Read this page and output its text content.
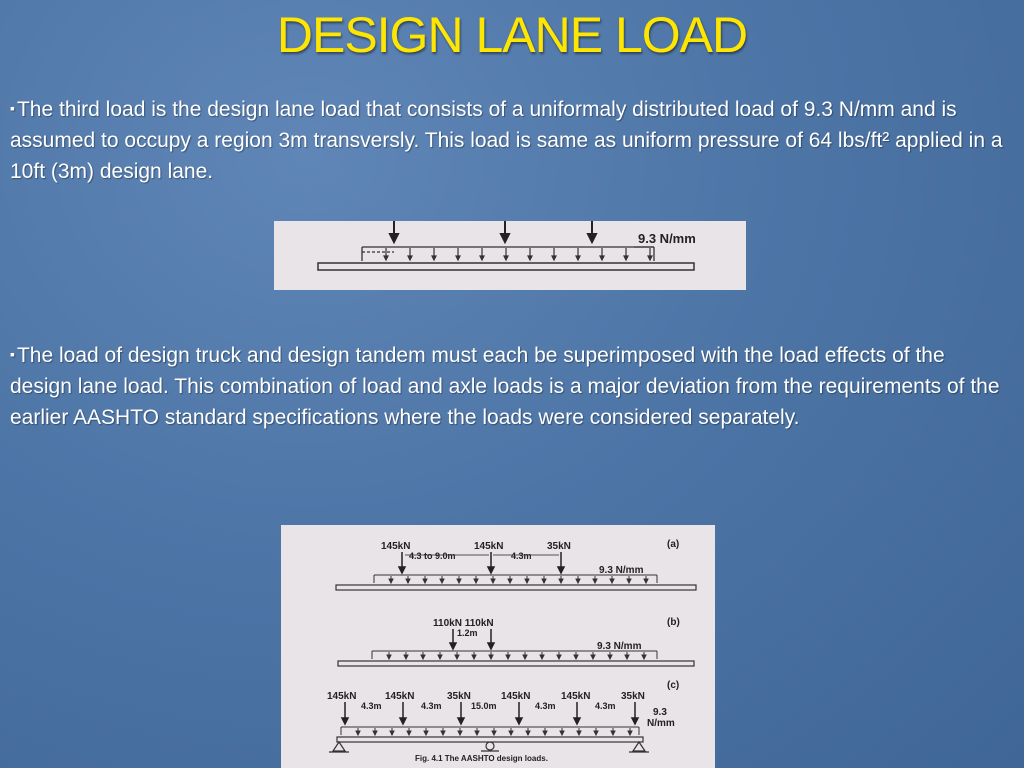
DESIGN LANE LOAD
▪The third load is the design lane load that consists of a uniformaly distributed load of 9.3 N/mm and is assumed to occupy a region 3m transversly. This load is same as uniform pressure of 64 lbs/ft² applied in a 10ft (3m) design lane.
9.3 N/mm
▪The load of design truck and design tandem must each be superimposed with the load effects of the design lane load. This combination of load and axle loads is a major deviation from the requirements of the earlier AASHTO standard specifications where the loads were considered separately.
145kN	145kN	35kN	(a)
4.3 to 9.0m	4.3m
9.3 N/mm
110kN 110kN	(b)
1.2m
9.3 N/mm
(c)
145kN	145kN	35kN	145kN	145kN	35kN
4.3m	4.3m	15.0m	4.3m	4.3m
9.3
N/mm
Fig. 4.1 The AASHTO design loads.
